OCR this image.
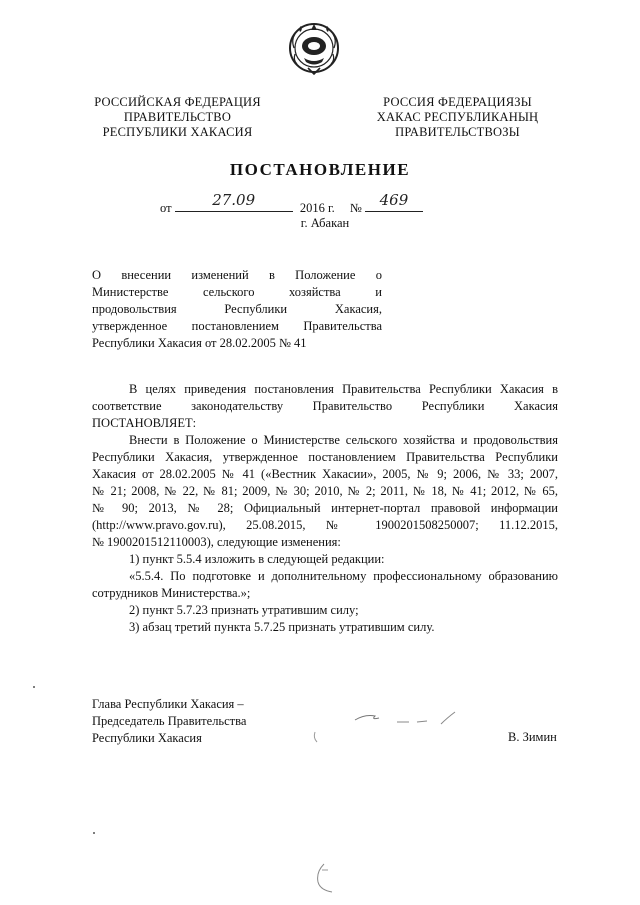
РОССИЙСКАЯ ФЕДЕРАЦИЯ
ПРАВИТЕЛЬСТВО
РЕСПУБЛИКИ ХАКАСИЯ
РОССИЯ ФЕДЕРАЦИЯЗЫ
ХАКАС РЕСПУБЛИКАНЫҢ
ПРАВИТЕЛЬСТВОЗЫ
ПОСТАНОВЛЕНИЕ
от	27.09	2016 г. №	469
г. Абакан
О внесении изменений в Положение о
Министерстве сельского хозяйства и
продовольствия Республики Хакасия,
утвержденное постановлением Правительства
Республики Хакасия от 28.02.2005 № 41
В целях приведения постановления Правительства Республики Хакасия в
соответствие законодательству Правительство Республики Хакасия
ПОСТАНОВЛЯЕТ:
Внести в Положение о Министерстве сельского хозяйства и продовольствия
Республики Хакасия, утвержденное постановлением Правительства Республики
Хакасия от 28.02.2005 № 41 («Вестник Хакасии», 2005, № 9; 2006, № 33; 2007,
№ 21; 2008, № 22, № 81; 2009, № 30; 2010, № 2; 2011, № 18, № 41; 2012, № 65,
№ 90; 2013, № 28; Официальный интернет-портал правовой информации
(http://www.pravo.gov.ru), 25.08.2015, № 1900201508250007; 11.12.2015,
№ 1900201512110003), следующие изменения:
1) пункт 5.5.4 изложить в следующей редакции:
«5.5.4. По подготовке и дополнительному профессиональному образованию
сотрудников Министерства.»;
2) пункт 5.7.23 признать утратившим силу;
3) абзац третий пункта 5.7.25 признать утратившим силу.
Глава Республики Хакасия –
Председатель Правительства
Республики Хакасия	В. Зимин
